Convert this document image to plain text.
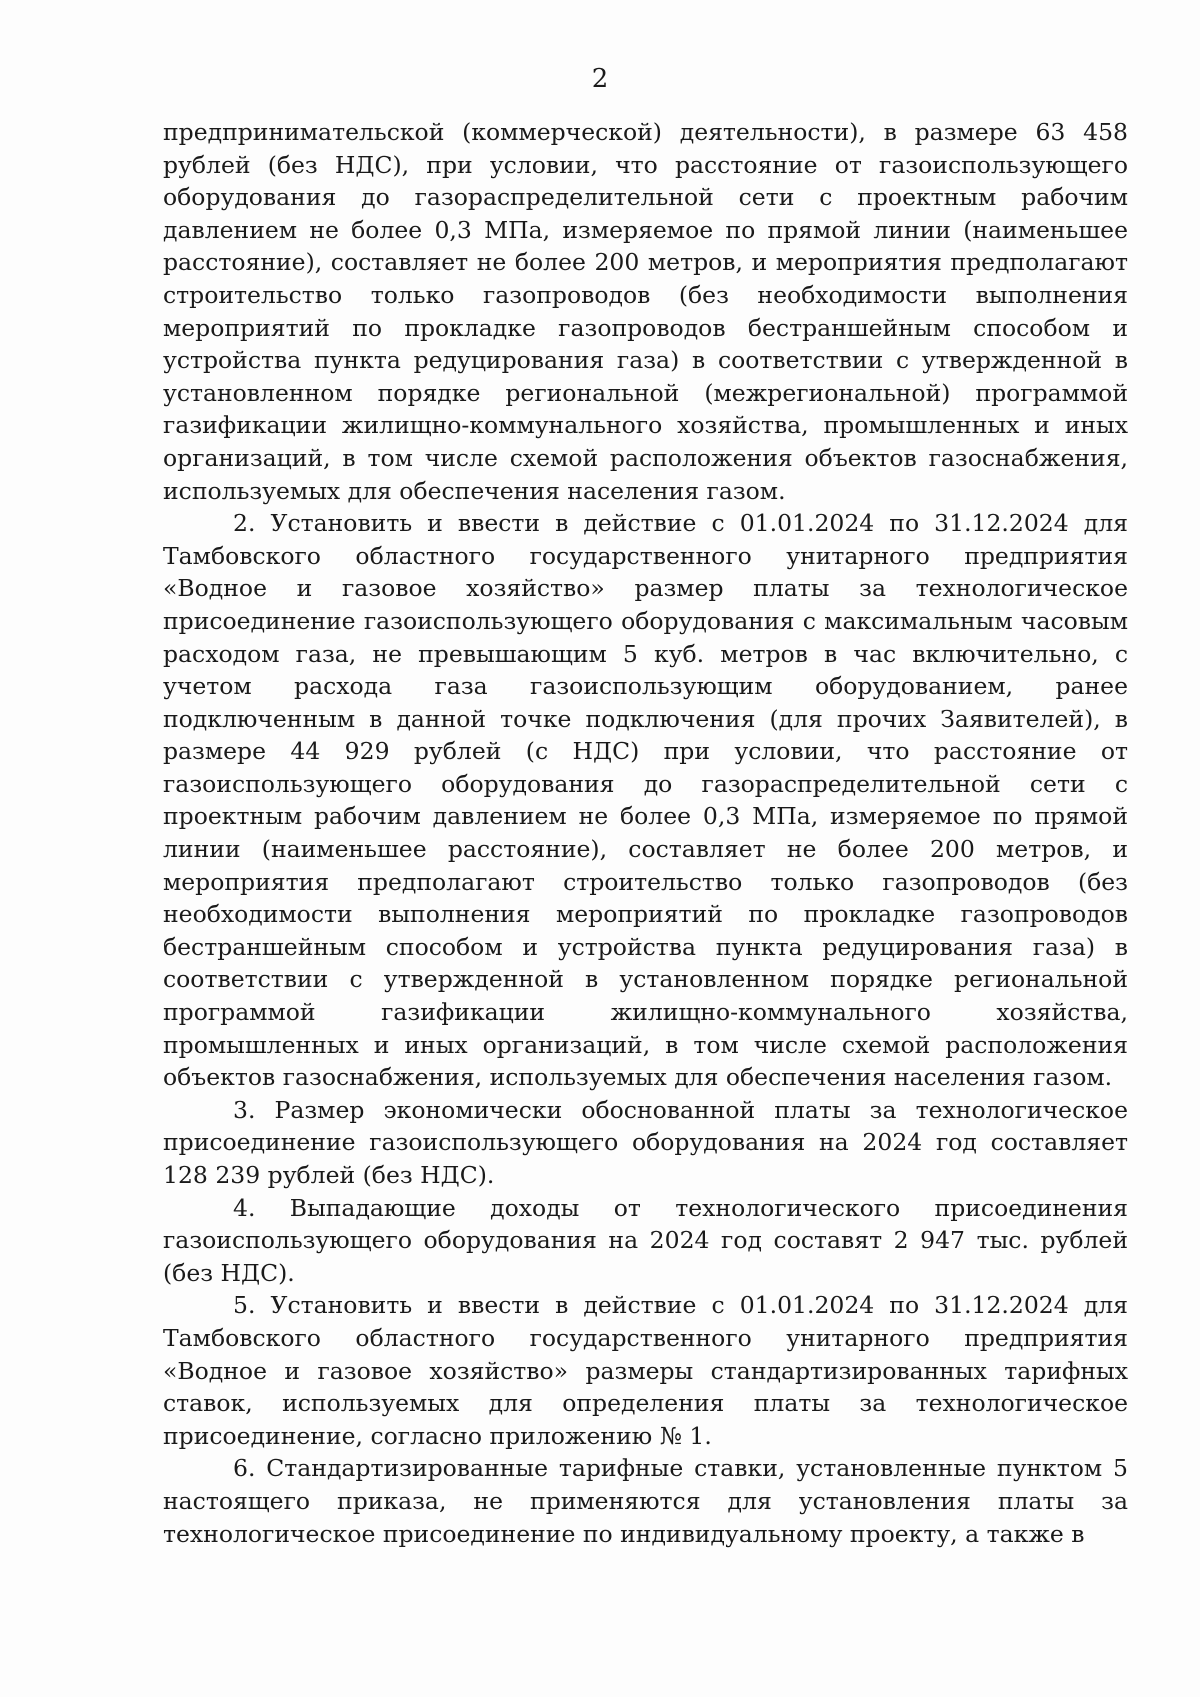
2

предпринимательской (коммерческой) деятельности), в размере 63 458 рублей (без НДС), при условии, что расстояние от газоиспользующего оборудования до газораспределительной сети с проектным рабочим давлением не более 0,3 МПа, измеряемое по прямой линии (наименьшее расстояние), составляет не более 200 метров, и мероприятия предполагают строительство только газопроводов (без необходимости выполнения мероприятий по прокладке газопроводов бестраншейным способом и устройства пункта редуцирования газа) в соответствии с утвержденной в установленном порядке региональной (межрегиональной) программой газификации жилищно-коммунального хозяйства, промышленных и иных организаций, в том числе схемой расположения объектов газоснабжения, используемых для обеспечения населения газом.

2. Установить и ввести в действие с 01.01.2024 по 31.12.2024 для Тамбовского областного государственного унитарного предприятия «Водное и газовое хозяйство» размер платы за технологическое присоединение газоиспользующего оборудования с максимальным часовым расходом газа, не превышающим 5 куб. метров в час включительно, с учетом расхода газа газоиспользующим оборудованием, ранее подключенным в данной точке подключения (для прочих Заявителей), в размере 44 929 рублей (с НДС) при условии, что расстояние от газоиспользующего оборудования до газораспределительной сети с проектным рабочим давлением не более 0,3 МПа, измеряемое по прямой линии (наименьшее расстояние), составляет не более 200 метров, и мероприятия предполагают строительство только газопроводов (без необходимости выполнения мероприятий по прокладке газопроводов бестраншейным способом и устройства пункта редуцирования газа) в соответствии с утвержденной в установленном порядке региональной программой газификации жилищно-коммунального хозяйства, промышленных и иных организаций, в том числе схемой расположения объектов газоснабжения, используемых для обеспечения населения газом.

3. Размер экономически обоснованной платы за технологическое присоединение газоиспользующего оборудования на 2024 год составляет 128 239 рублей (без НДС).

4. Выпадающие доходы от технологического присоединения газоиспользующего оборудования на 2024 год составят 2 947 тыс. рублей (без НДС).

5. Установить и ввести в действие с 01.01.2024 по 31.12.2024 для Тамбовского областного государственного унитарного предприятия «Водное и газовое хозяйство» размеры стандартизированных тарифных ставок, используемых для определения платы за технологическое присоединение, согласно приложению № 1.

6. Стандартизированные тарифные ставки, установленные пунктом 5 настоящего приказа, не применяются для установления платы за технологическое присоединение по индивидуальному проекту, а также в
